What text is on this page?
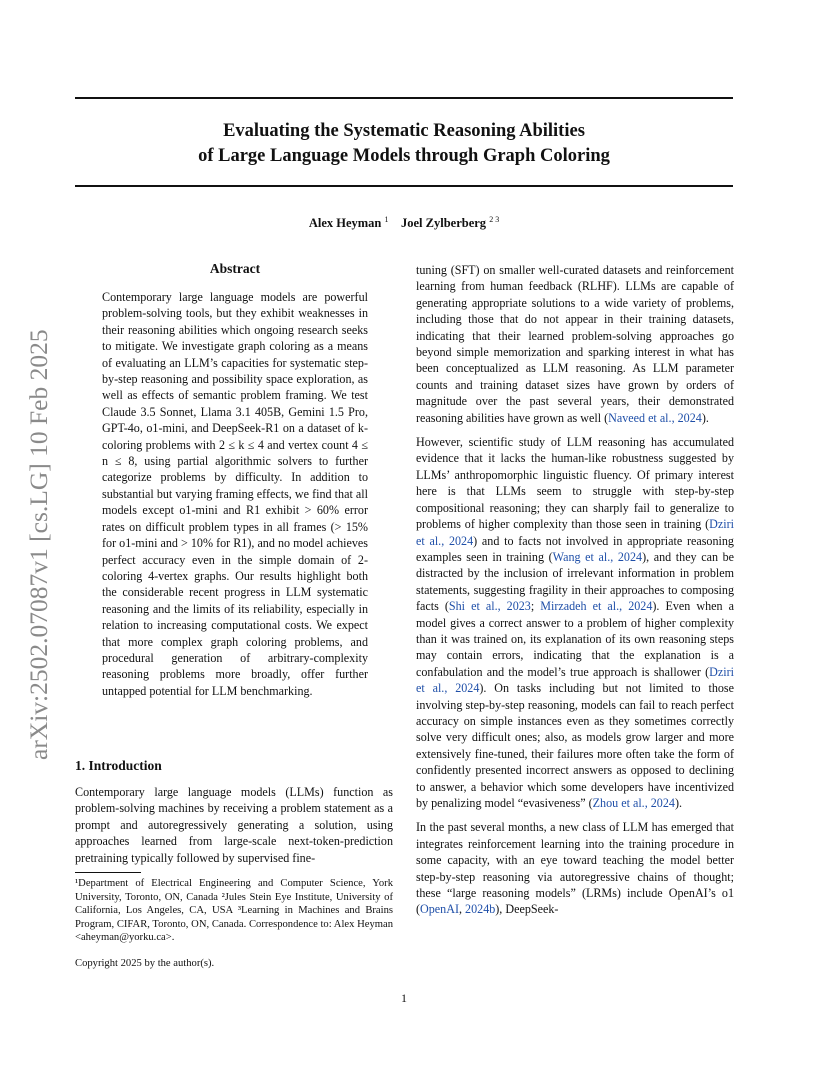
arXiv:2502.07087v1 [cs.LG] 10 Feb 2025
Evaluating the Systematic Reasoning Abilities
of Large Language Models through Graph Coloring
Alex Heyman $^1$ Joel Zylberberg $^{2 3}$
Abstract

Contemporary large language models are powerful problem-solving tools, but they exhibit weaknesses in their reasoning abilities which ongoing research seeks to mitigate. We investigate graph coloring as a means of evaluating an LLM’s capacities for systematic step-by-step reasoning and possibility space exploration, as well as effects of semantic problem framing. We test Claude 3.5 Sonnet, Llama 3.1 405B, Gemini 1.5 Pro, GPT-4o, o1-mini, and DeepSeek-R1 on a dataset of k-coloring problems with 2 ≤ k ≤ 4 and vertex count 4 ≤ n ≤ 8, using partial algorithmic solvers to further categorize problems by difficulty. In addition to substantial but varying framing effects, we find that all models except o1-mini and R1 exhibit > 60% error rates on difficult problem types in all frames (> 15% for o1-mini and > 10% for R1), and no model achieves perfect accuracy even in the simple domain of 2-coloring 4-vertex graphs. Our results highlight both the considerable recent progress in LLM systematic reasoning and the limits of its reliability, especially in relation to increasing computational costs. We expect that more complex graph coloring problems, and procedural generation of arbitrary-complexity reasoning problems more broadly, offer further untapped potential for LLM benchmarking.

1. Introduction

Contemporary large language models (LLMs) function as problem-solving machines by receiving a problem statement as a prompt and autoregressively generating a solution, using approaches learned from large-scale next-token-prediction pretraining typically followed by supervised fine-

¹Department of Electrical Engineering and Computer Science, York University, Toronto, ON, Canada ²Jules Stein Eye Institute, University of California, Los Angeles, CA, USA ³Learning in Machines and Brains Program, CIFAR, Toronto, ON, Canada. Correspondence to: Alex Heyman <aheyman@yorku.ca>.
Copyright 2025 by the author(s).

tuning (SFT) on smaller well-curated datasets and reinforcement learning from human feedback (RLHF). LLMs are capable of generating appropriate solutions to a wide variety of problems, including those that do not appear in their training datasets, indicating that their learned problem-solving approaches go beyond simple memorization and sparking interest in what has been conceptualized as LLM reasoning. As LLM parameter counts and training dataset sizes have grown by orders of magnitude over the past several years, their demonstrated reasoning abilities have grown as well (Naveed et al., 2024).

However, scientific study of LLM reasoning has accumulated evidence that it lacks the human-like robustness suggested by LLMs’ anthropomorphic linguistic fluency. Of primary interest here is that LLMs seem to struggle with step-by-step compositional reasoning; they can sharply fail to generalize to problems of higher complexity than those seen in training (Dziri et al., 2024) and to facts not involved in appropriate reasoning examples seen in training (Wang et al., 2024), and they can be distracted by the inclusion of irrelevant information in problem statements, suggesting fragility in their approaches to composing facts (Shi et al., 2023; Mirzadeh et al., 2024). Even when a model gives a correct answer to a problem of higher complexity than it was trained on, its explanation of its own reasoning steps may contain errors, indicating that the explanation is a confabulation and the model’s true approach is shallower (Dziri et al., 2024). On tasks including but not limited to those involving step-by-step reasoning, models can fail to reach perfect accuracy on simple instances even as they sometimes correctly solve very difficult ones; also, as models grow larger and more extensively fine-tuned, their failures more often take the form of confidently presented incorrect answers as opposed to declining to answer, a behavior which some developers have incentivized by penalizing model “evasiveness” (Zhou et al., 2024).

In the past several months, a new class of LLM has emerged that integrates reinforcement learning into the training procedure in some capacity, with an eye toward teaching the model better step-by-step reasoning via autoregressive chains of thought; these “large reasoning models” (LRMs) include OpenAI’s o1 (OpenAI, 2024b), DeepSeek-

1
